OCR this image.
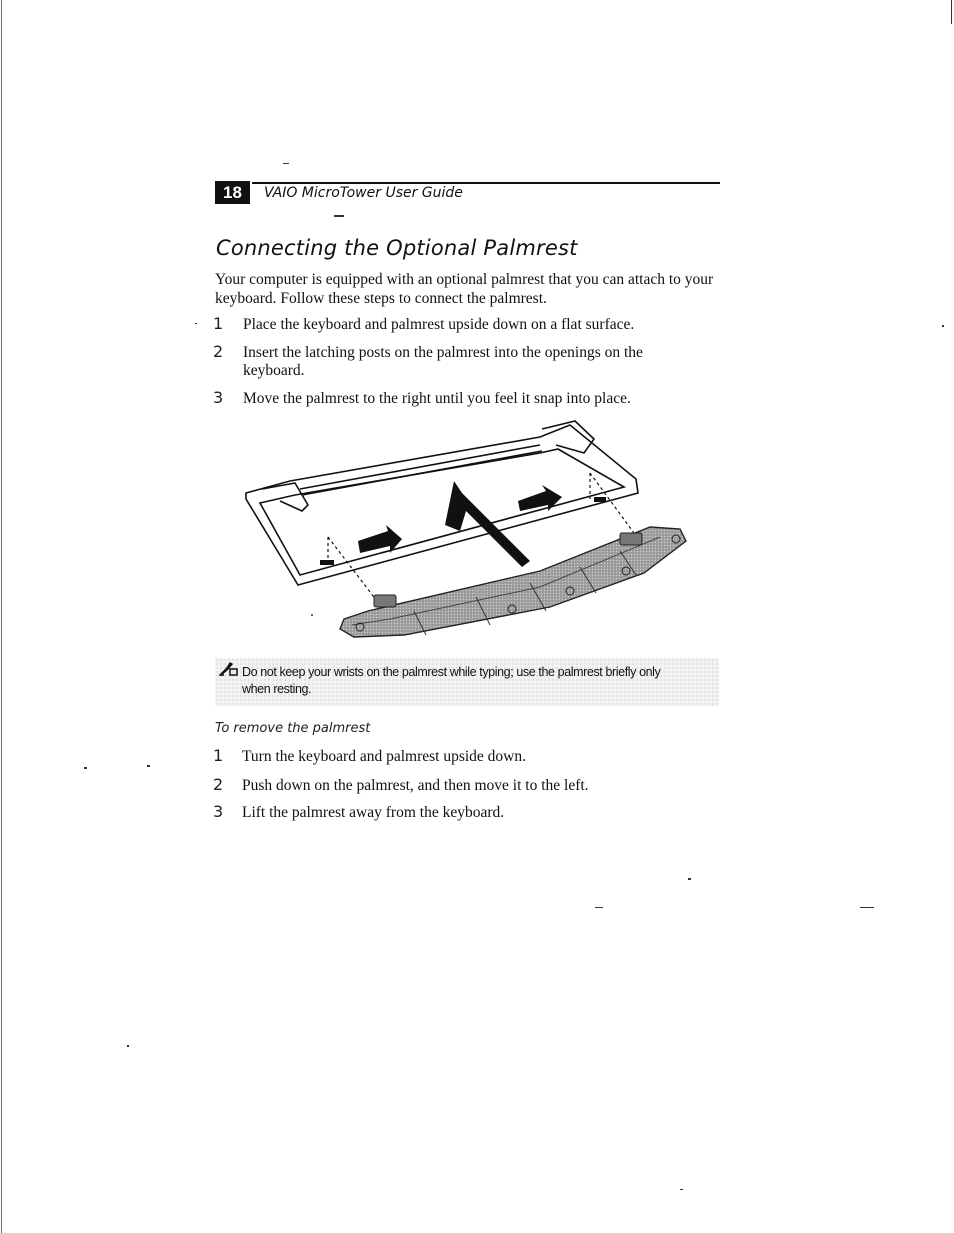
18	VAIO MicroTower User Guide
Connecting the Optional Palmrest

Your computer is equipped with an optional palmrest that you can attach to your keyboard. Follow these steps to connect the palmrest.

1 Place the keyboard and palmrest upside down on a flat surface.
2 Insert the latching posts on the palmrest into the openings on the keyboard.
3 Move the palmrest to the right until you feel it snap into place.
Do not keep your wrists on the palmrest while typing; use the palmrest briefly only when resting.
To remove the palmrest
1 Turn the keyboard and palmrest upside down.
2 Push down on the palmrest, and then move it to the left.
3 Lift the palmrest away from the keyboard.
